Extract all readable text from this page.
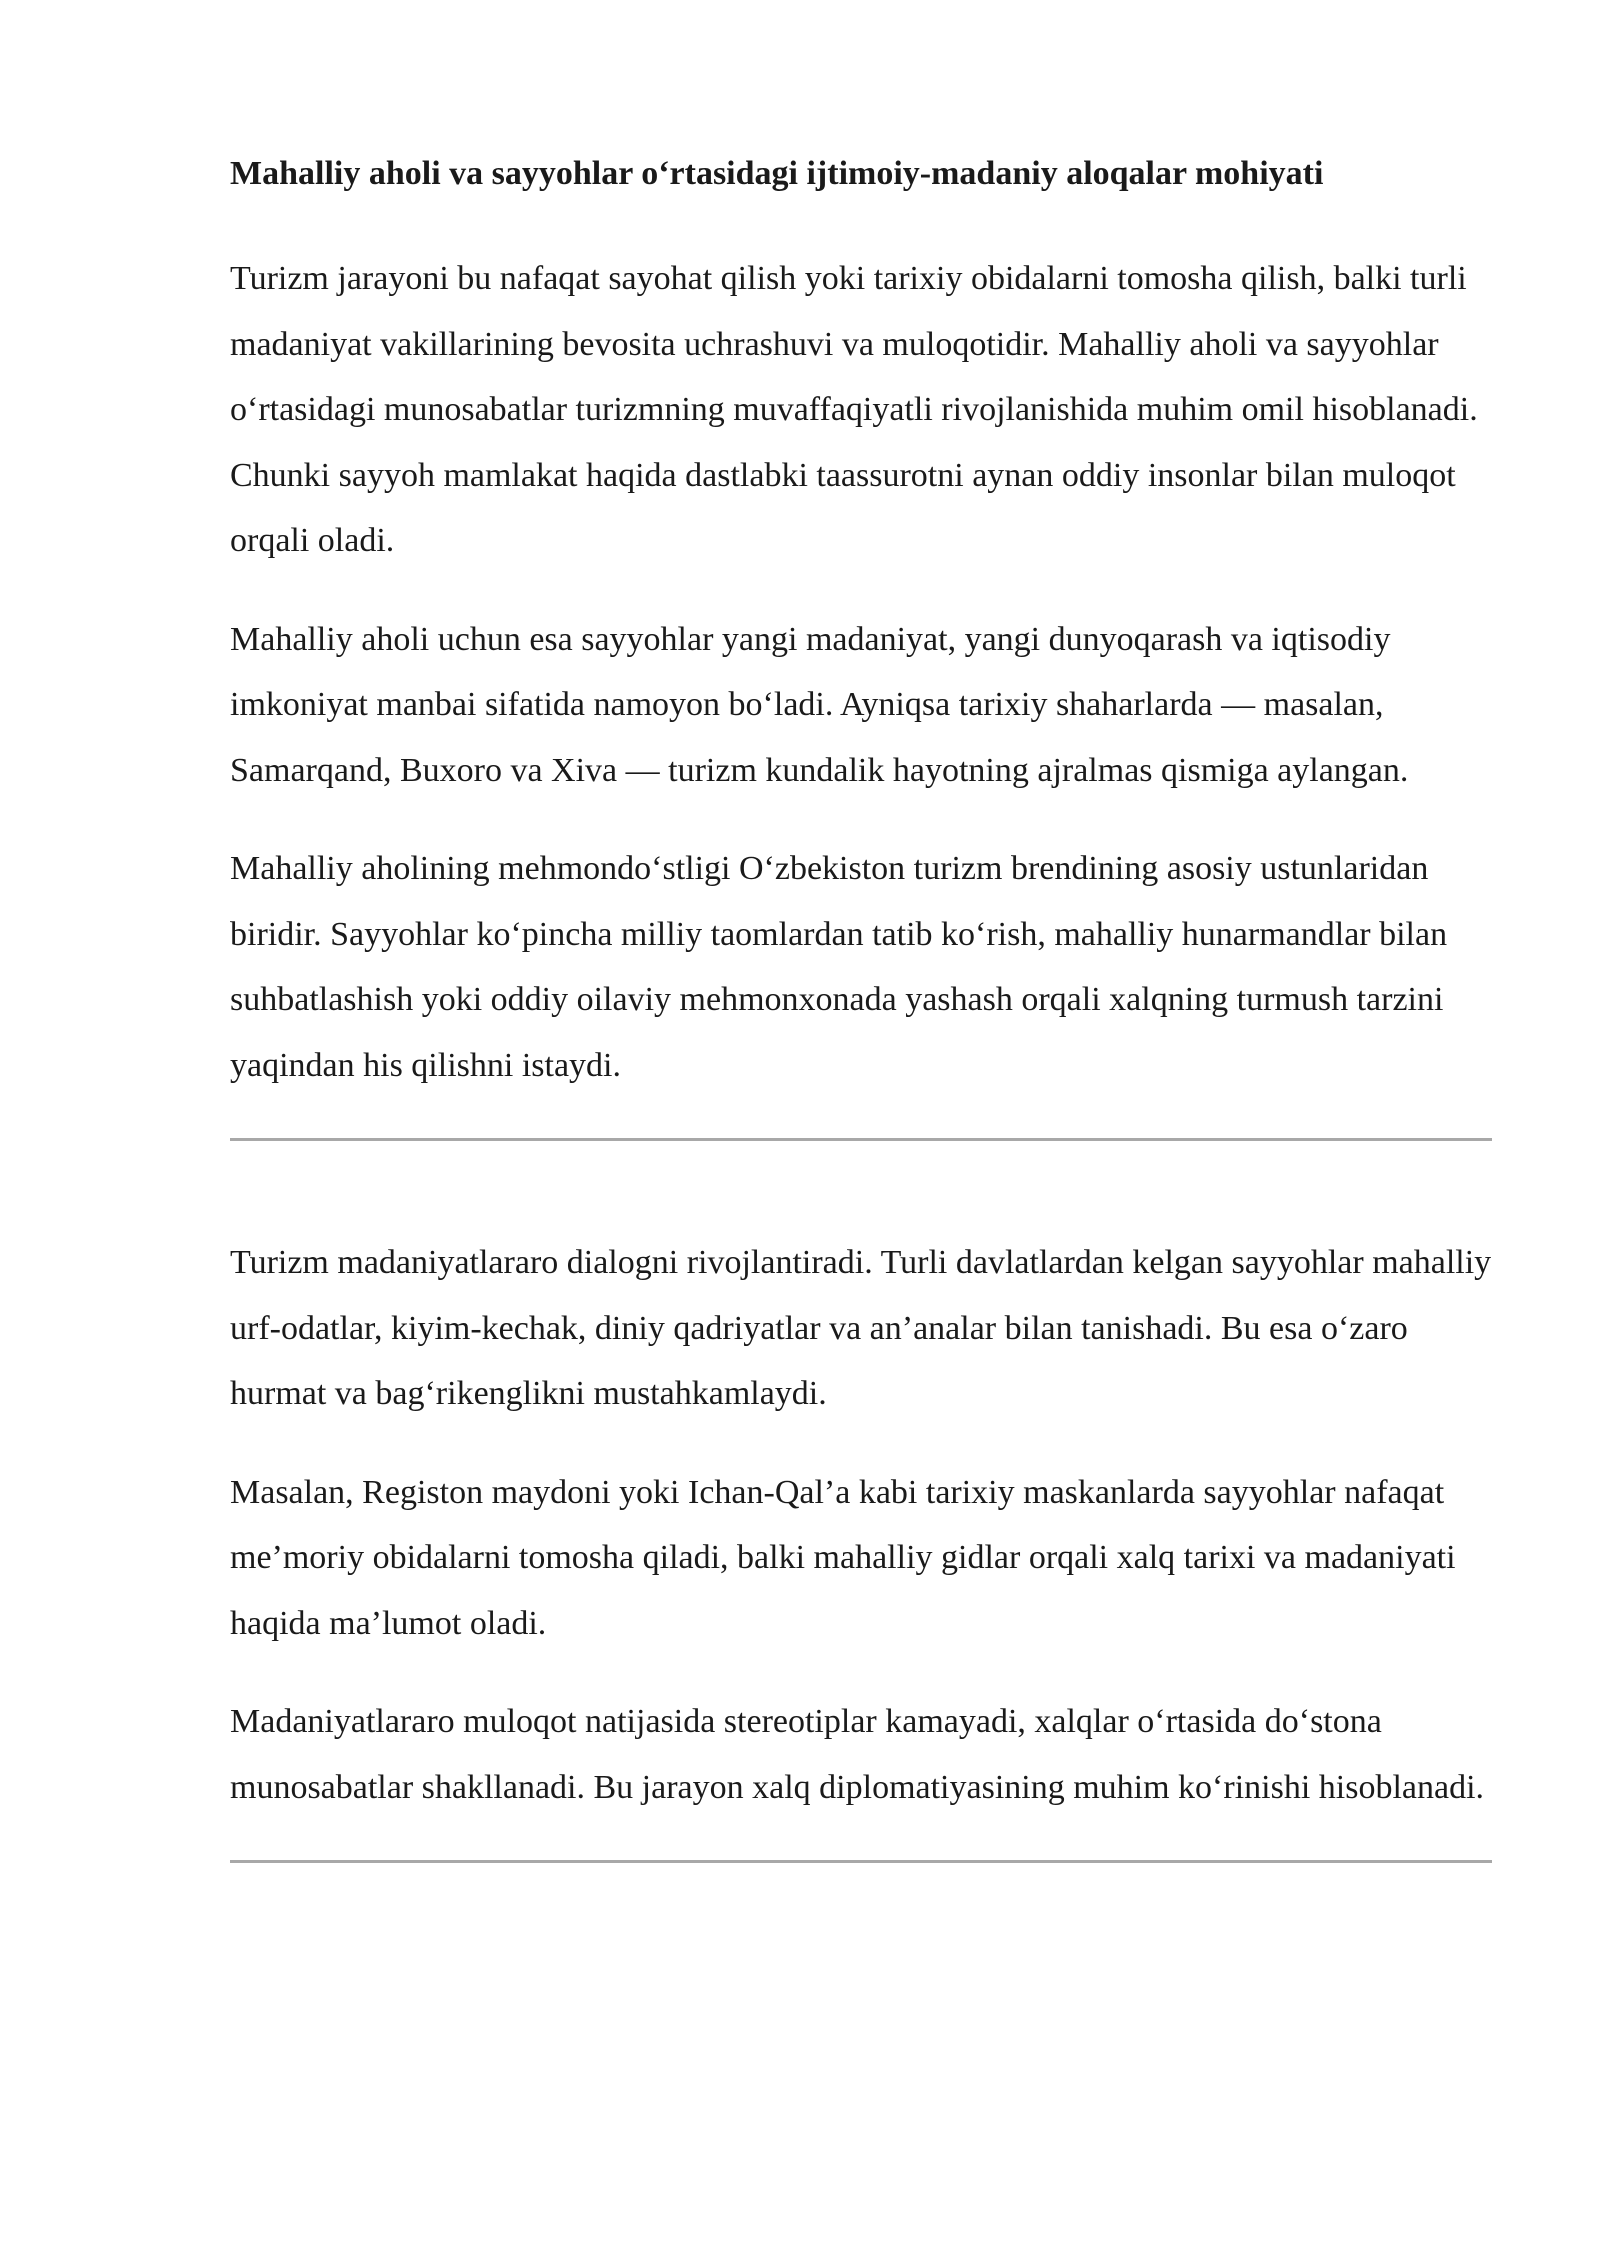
Mahalliy aholi va sayyohlar o‘rtasidagi ijtimoiy-madaniy aloqalar mohiyati

Turizm jarayoni bu nafaqat sayohat qilish yoki tarixiy obidalarni tomosha qilish, balki turli madaniyat vakillarining bevosita uchrashuvi va muloqotidir. Mahalliy aholi va sayyohlar o‘rtasidagi munosabatlar turizmning muvaffaqiyatli rivojlanishida muhim omil hisoblanadi. Chunki sayyoh mamlakat haqida dastlabki taassurotni aynan oddiy insonlar bilan muloqot orqali oladi.

Mahalliy aholi uchun esa sayyohlar yangi madaniyat, yangi dunyoqarash va iqtisodiy imkoniyat manbai sifatida namoyon bo‘ladi. Ayniqsa tarixiy shaharlarda — masalan, Samarqand, Buxoro va Xiva — turizm kundalik hayotning ajralmas qismiga aylangan.

Mahalliy aholining mehmondo‘stligi O‘zbekiston turizm brendining asosiy ustunlaridan biridir. Sayyohlar ko‘pincha milliy taomlardan tatib ko‘rish, mahalliy hunarmandlar bilan suhbatlashish yoki oddiy oilaviy mehmonxonada yashash orqali xalqning turmush tarzini yaqindan his qilishni istaydi.

Turizm madaniyatlararo dialogni rivojlantiradi. Turli davlatlardan kelgan sayyohlar mahalliy urf-odatlar, kiyim-kechak, diniy qadriyatlar va an’analar bilan tanishadi. Bu esa o‘zaro hurmat va bag‘rikenglikni mustahkamlaydi.

Masalan, Registon maydoni yoki Ichan-Qal’a kabi tarixiy maskanlarda sayyohlar nafaqat me’moriy obidalarni tomosha qiladi, balki mahalliy gidlar orqali xalq tarixi va madaniyati haqida ma’lumot oladi.

Madaniyatlararo muloqot natijasida stereotiplar kamayadi, xalqlar o‘rtasida do‘stona munosabatlar shakllanadi. Bu jarayon xalq diplomatiyasining muhim ko‘rinishi hisoblanadi.
